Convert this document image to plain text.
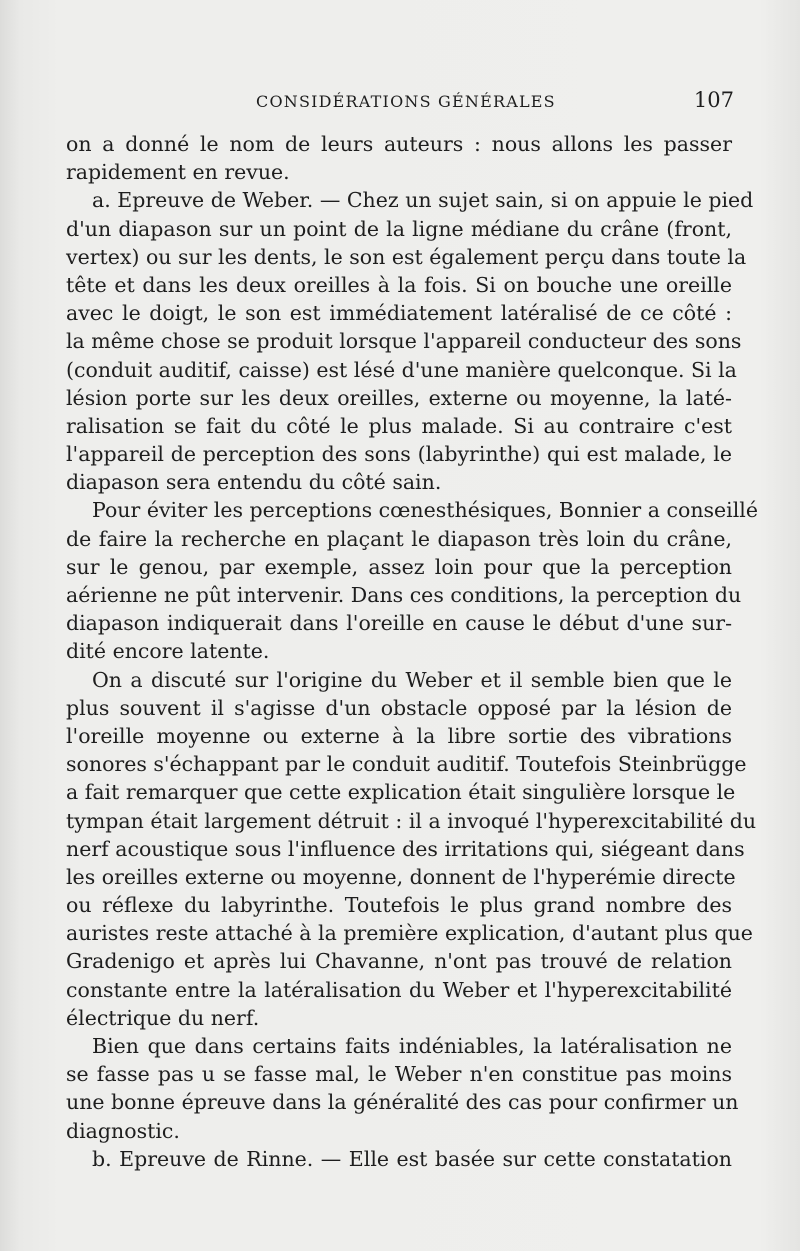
CONSIDÉRATIONS GÉNÉRALES	107
on a donné le nom de leurs auteurs : nous allons les passer
rapidement en revue.
a. Epreuve de Weber. — Chez un sujet sain, si on appuie le pied
d'un diapason sur un point de la ligne médiane du crâne (front,
vertex) ou sur les dents, le son est également perçu dans toute la
tête et dans les deux oreilles à la fois. Si on bouche une oreille
avec le doigt, le son est immédiatement latéralisé de ce côté :
la même chose se produit lorsque l'appareil conducteur des sons
(conduit auditif, caisse) est lésé d'une manière quelconque. Si la
lésion porte sur les deux oreilles, externe ou moyenne, la laté-
ralisation se fait du côté le plus malade. Si au contraire c'est
l'appareil de perception des sons (labyrinthe) qui est malade, le
diapason sera entendu du côté sain.
Pour éviter les perceptions cœnesthésiques, Bonnier a conseillé
de faire la recherche en plaçant le diapason très loin du crâne,
sur le genou, par exemple, assez loin pour que la perception
aérienne ne pût intervenir. Dans ces conditions, la perception du
diapason indiquerait dans l'oreille en cause le début d'une sur-
dité encore latente.
On a discuté sur l'origine du Weber et il semble bien que le
plus souvent il s'agisse d'un obstacle opposé par la lésion de
l'oreille moyenne ou externe à la libre sortie des vibrations
sonores s'échappant par le conduit auditif. Toutefois Steinbrügge
a fait remarquer que cette explication était singulière lorsque le
tympan était largement détruit : il a invoqué l'hyperexcitabilité du
nerf acoustique sous l'influence des irritations qui, siégeant dans
les oreilles externe ou moyenne, donnent de l'hyperémie directe
ou réflexe du labyrinthe. Toutefois le plus grand nombre des
auristes reste attaché à la première explication, d'autant plus que
Gradenigo et après lui Chavanne, n'ont pas trouvé de relation
constante entre la latéralisation du Weber et l'hyperexcitabilité
électrique du nerf.
Bien que dans certains faits indéniables, la latéralisation ne
se fasse pas u se fasse mal, le Weber n'en constitue pas moins
une bonne épreuve dans la généralité des cas pour confirmer un
diagnostic.
b. Epreuve de Rinne. — Elle est basée sur cette constatation
